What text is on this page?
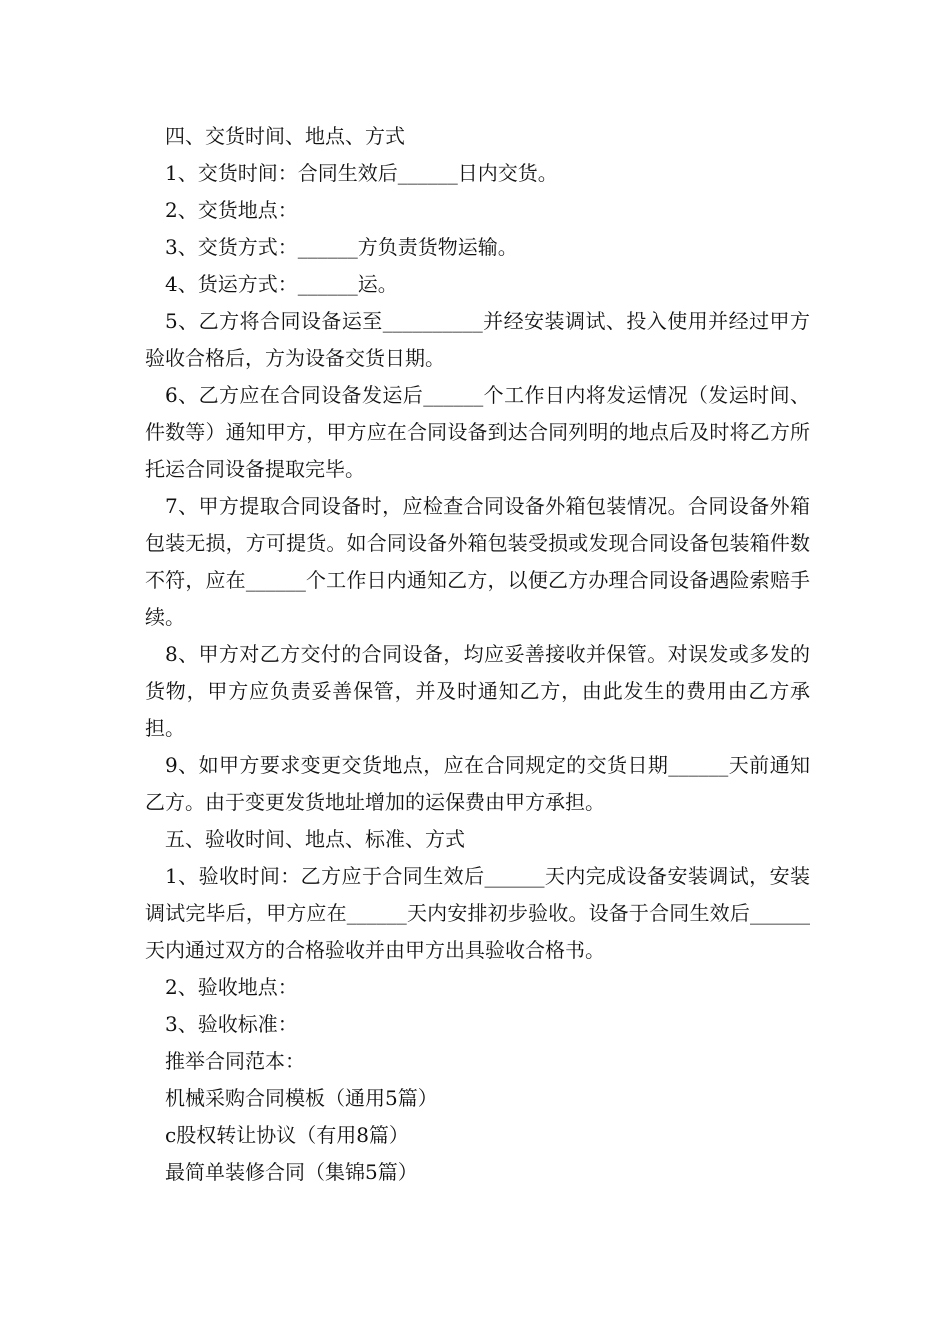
四、交货时间、地点、方式

1、交货时间：合同生效后______日内交货。

2、交货地点：

3、交货方式：______方负责货物运输。

4、货运方式：______运。

5、乙方将合同设备运至__________并经安装调试、投入使用并经过甲方验收合格后，方为设备交货日期。

6、乙方应在合同设备发运后______个工作日内将发运情况（发运时间、件数等）通知甲方，甲方应在合同设备到达合同列明的地点后及时将乙方所托运合同设备提取完毕。

7、甲方提取合同设备时，应检查合同设备外箱包装情况。合同设备外箱包装无损，方可提货。如合同设备外箱包装受损或发现合同设备包装箱件数不符，应在______个工作日内通知乙方，以便乙方办理合同设备遇险索赔手续。

8、甲方对乙方交付的合同设备，均应妥善接收并保管。对误发或多发的货物，甲方应负责妥善保管，并及时通知乙方，由此发生的费用由乙方承担。

9、如甲方要求变更交货地点，应在合同规定的交货日期______天前通知乙方。由于变更发货地址增加的运保费由甲方承担。

五、验收时间、地点、标准、方式

1、验收时间：乙方应于合同生效后______天内完成设备安装调试，安装调试完毕后，甲方应在______天内安排初步验收。设备于合同生效后______天内通过双方的合格验收并由甲方出具验收合格书。

2、验收地点：

3、验收标准：

推举合同范本：

机械采购合同模板（通用5篇）

c股权转让协议（有用8篇）

最简单装修合同（集锦5篇）
